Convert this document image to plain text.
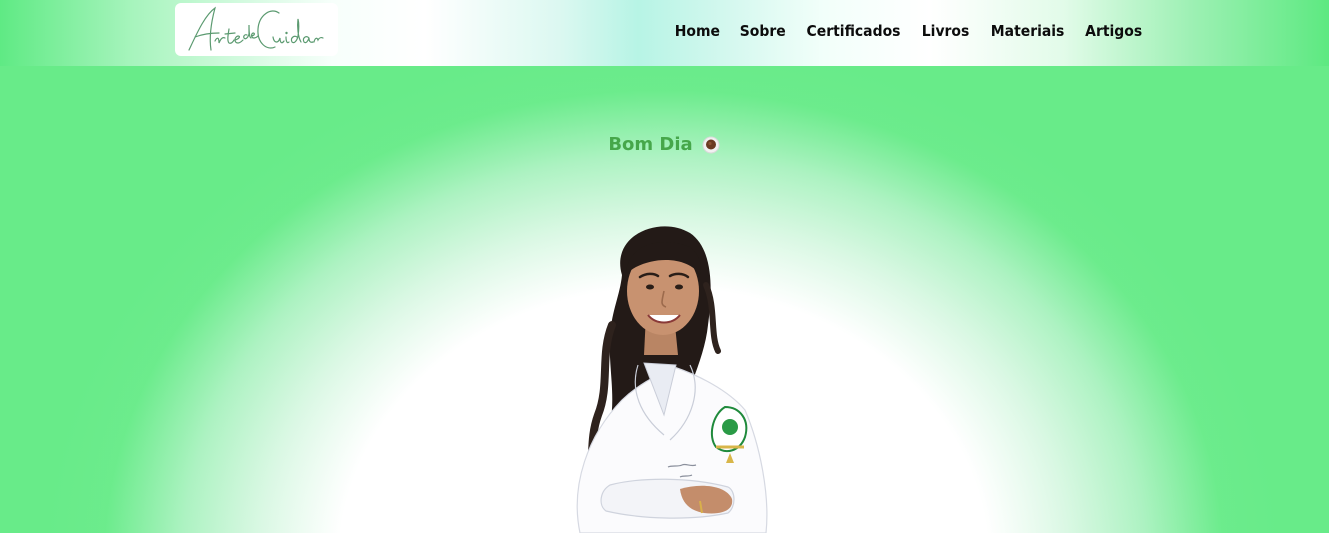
Home Sobre Certificados Livros Materiais Artigos
Bom Dia
